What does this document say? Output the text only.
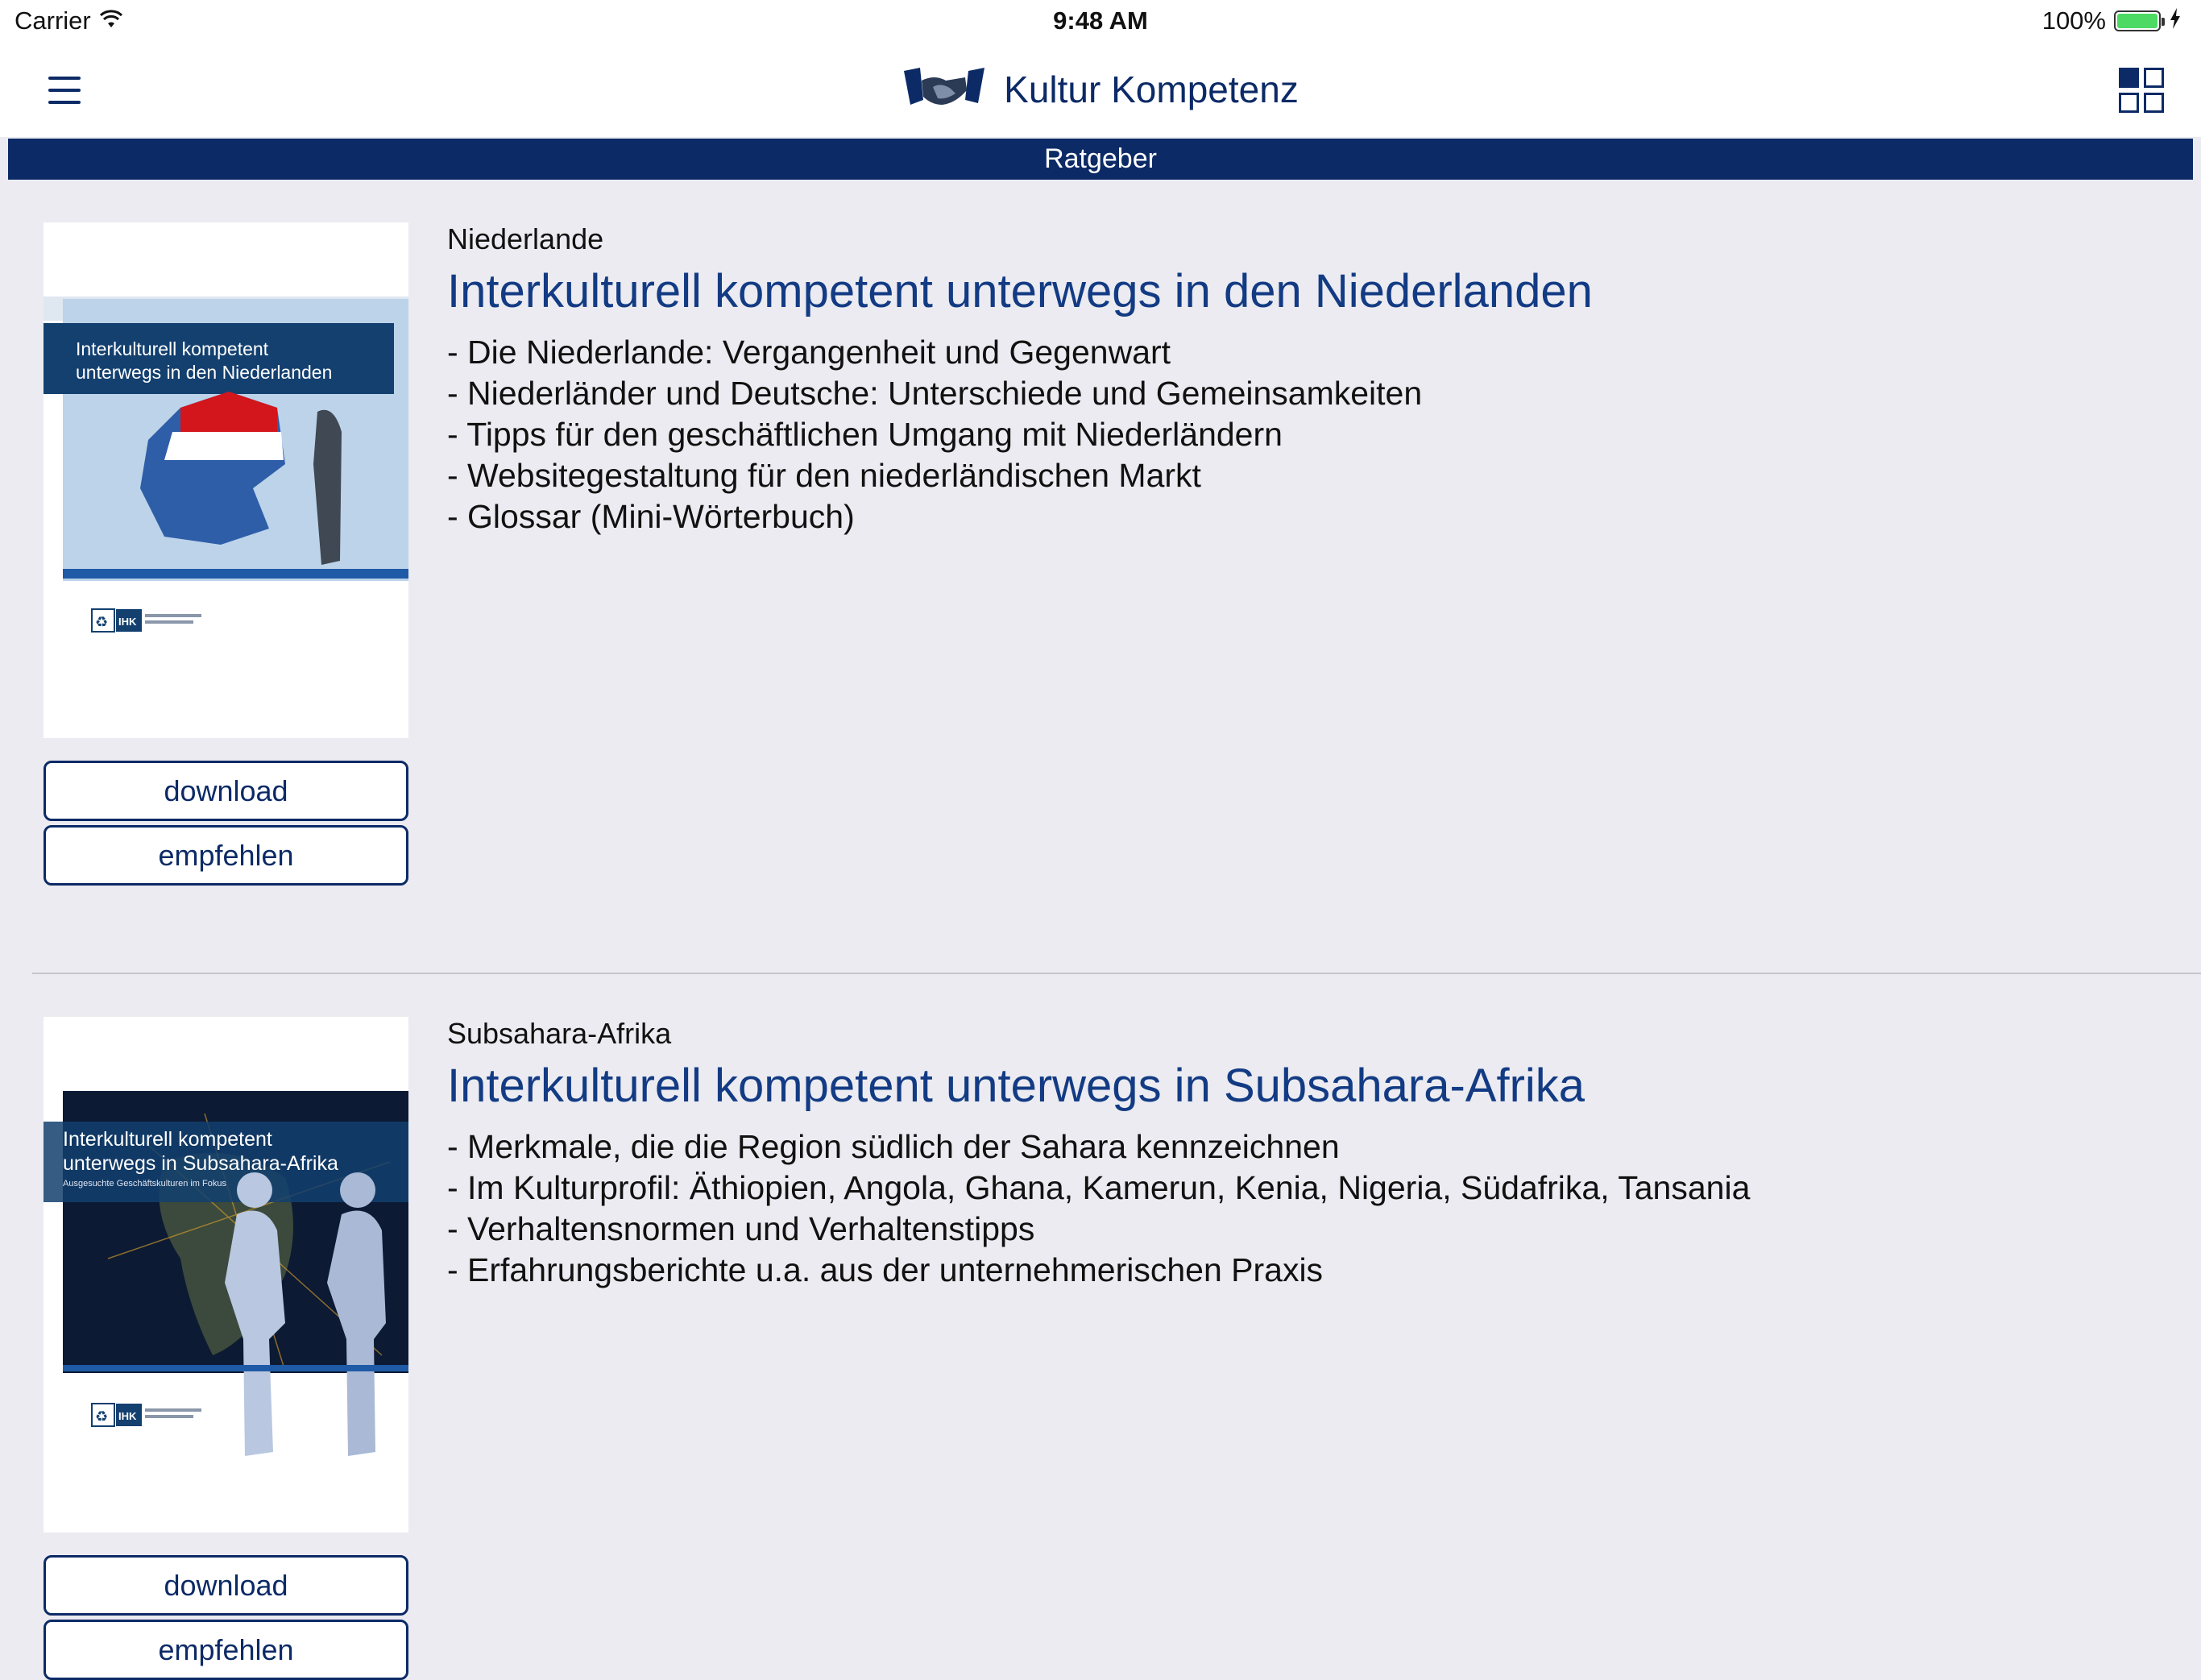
Carrier	9:48 AM	100%
Kultur Kompetenz
Ratgeber
Interkulturell kompetent
unterwegs in den Niederlanden
♻ IHK
download
empfehlen
Niederlande
Interkulturell kompetent unterwegs in den Niederlanden
- Die Niederlande: Vergangenheit und Gegenwart
- Niederländer und Deutsche: Unterschiede und Gemeinsamkeiten
- Tipps für den geschäftlichen Umgang mit Niederländern
- Websitegestaltung für den niederländischen Markt
- Glossar (Mini-Wörterbuch)
Interkulturell kompetent
unterwegs in Subsahara-Afrika
Ausgesuchte Geschäftskulturen im Fokus
♻ IHK
download
empfehlen
Subsahara-Afrika
Interkulturell kompetent unterwegs in Subsahara-Afrika
- Merkmale, die die Region südlich der Sahara kennzeichnen
- Im Kulturprofil: Äthiopien, Angola, Ghana, Kamerun, Kenia, Nigeria, Südafrika, Tansania
- Verhaltensnormen und Verhaltenstipps
- Erfahrungsberichte u.a. aus der unternehmerischen Praxis
